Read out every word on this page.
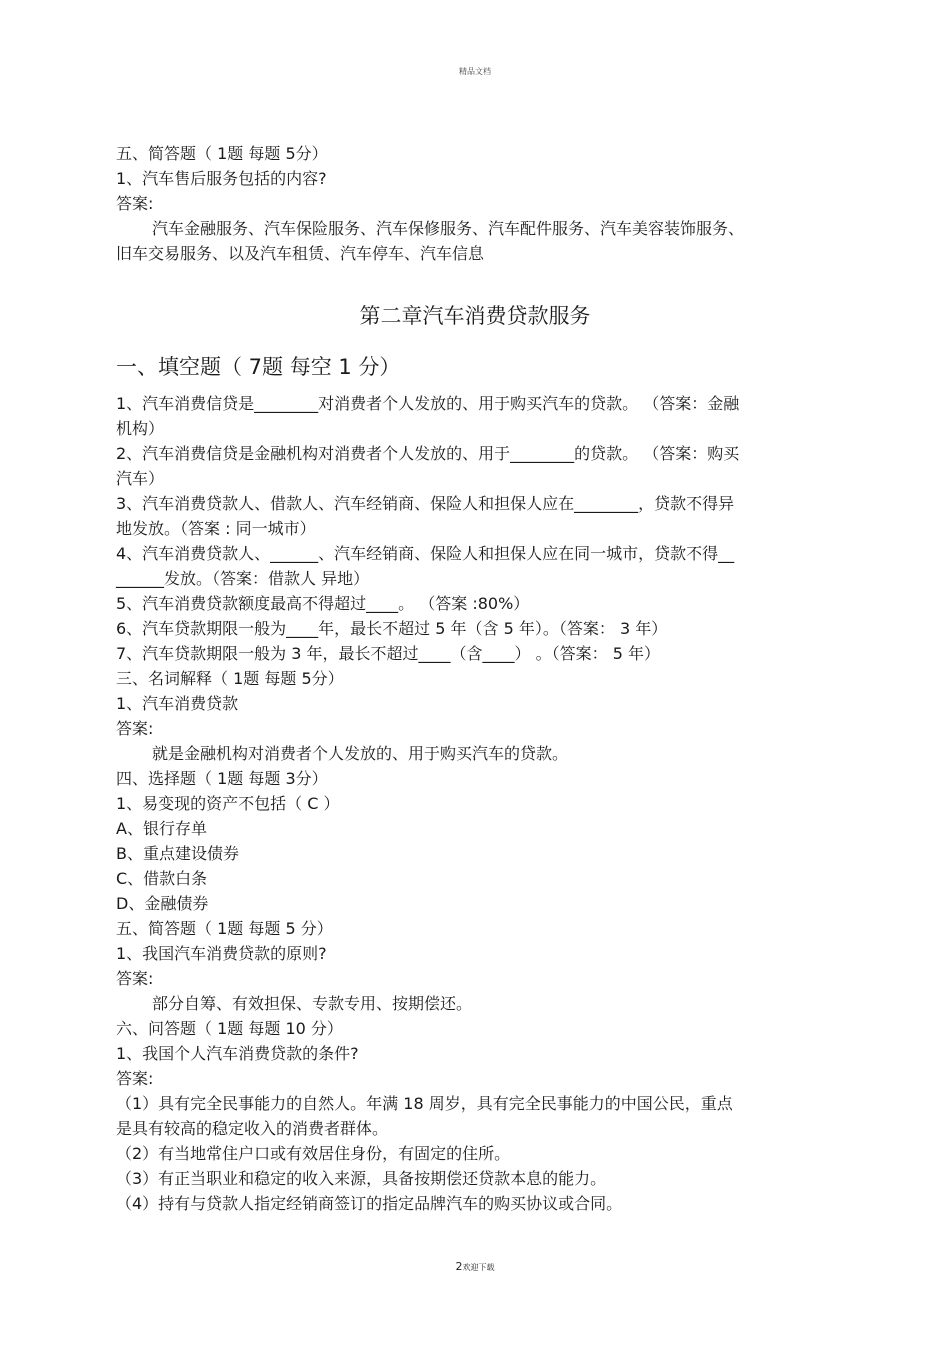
精品文档
五、简答题（ 1题 每题 5分）
1、汽车售后服务包括的内容?
答案:
汽车金融服务、汽车保险服务、汽车保修服务、汽车配件服务、汽车美容装饰服务、
旧车交易服务、以及汽车租赁、汽车停车、汽车信息
第二章汽车消费贷款服务
一、填空题（ 7题 每空 1 分）
1、汽车消费信贷是________对消费者个人发放的、用于购买汽车的贷款。 （答案：金融
机构）
2、汽车消费信贷是金融机构对消费者个人发放的、用于________的贷款。 （答案：购买
汽车）
3、汽车消费贷款人、借款人、汽车经销商、保险人和担保人应在________，贷款不得异
地发放。（答案 : 同一城市）
4、汽车消费贷款人、______、汽车经销商、保险人和担保人应在同一城市，贷款不得__
______发放。（答案：借款人 异地）
5、汽车消费贷款额度最高不得超过____。 （答案 :80%）
6、汽车贷款期限一般为____年，最长不超过 5 年（含 5 年）。（答案： 3 年）
7、汽车贷款期限一般为 3 年，最长不超过____（含____） 。（答案： 5 年）
三、名词解释（ 1题 每题 5分）
1、汽车消费贷款
答案:
就是金融机构对消费者个人发放的、用于购买汽车的贷款。
四、选择题（ 1题 每题 3分）
1、易变现的资产不包括（ C ）
A、银行存单
B、重点建设债券
C、借款白条
D、金融债券
五、简答题（ 1题 每题 5 分）
1、我国汽车消费贷款的原则?
答案:
部分自筹、有效担保、专款专用、按期偿还。
六、问答题（ 1题 每题 10 分）
1、我国个人汽车消费贷款的条件?
答案:
（1）具有完全民事能力的自然人。年满 18 周岁，具有完全民事能力的中国公民，重点
是具有较高的稳定收入的消费者群体。
（2）有当地常住户口或有效居住身份，有固定的住所。
（3）有正当职业和稳定的收入来源，具备按期偿还贷款本息的能力。
（4）持有与贷款人指定经销商签订的指定品牌汽车的购买协议或合同。
2欢迎下载
